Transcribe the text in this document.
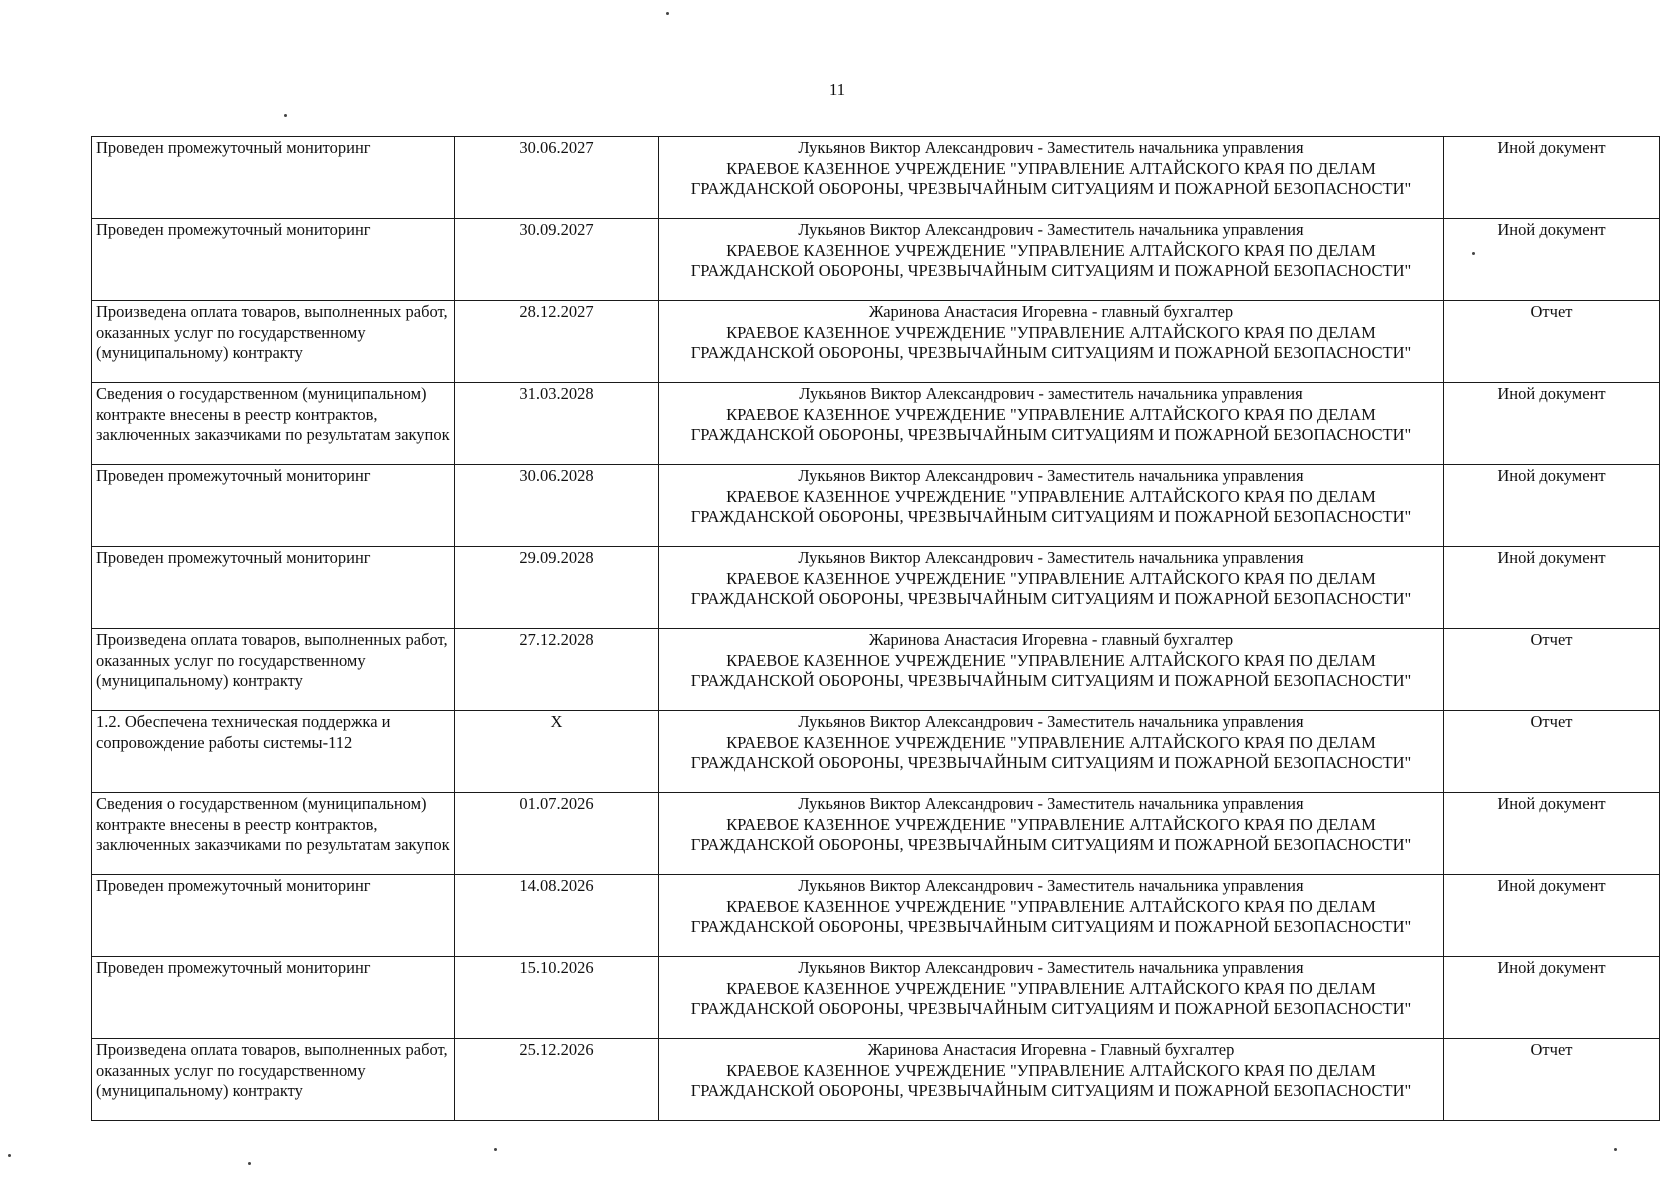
11
Проведен промежуточный мониторинг	30.06.2027	Лукьянов Виктор Александрович - Заместитель начальника управления
КРАЕВОЕ КАЗЕННОЕ УЧРЕЖДЕНИЕ "УПРАВЛЕНИЕ АЛТАЙСКОГО КРАЯ ПО ДЕЛАМ ГРАЖДАНСКОЙ ОБОРОНЫ, ЧРЕЗВЫЧАЙНЫМ СИТУАЦИЯМ И ПОЖАРНОЙ БЕЗОПАСНОСТИ"	Иной документ
Проведен промежуточный мониторинг	30.09.2027	Лукьянов Виктор Александрович - Заместитель начальника управления
КРАЕВОЕ КАЗЕННОЕ УЧРЕЖДЕНИЕ "УПРАВЛЕНИЕ АЛТАЙСКОГО КРАЯ ПО ДЕЛАМ ГРАЖДАНСКОЙ ОБОРОНЫ, ЧРЕЗВЫЧАЙНЫМ СИТУАЦИЯМ И ПОЖАРНОЙ БЕЗОПАСНОСТИ"	Иной документ
Произведена оплата товаров, выполненных работ, оказанных услуг по государственному (муниципальному) контракту	28.12.2027	Жаринова Анастасия Игоревна - главный бухгалтер
КРАЕВОЕ КАЗЕННОЕ УЧРЕЖДЕНИЕ "УПРАВЛЕНИЕ АЛТАЙСКОГО КРАЯ ПО ДЕЛАМ ГРАЖДАНСКОЙ ОБОРОНЫ, ЧРЕЗВЫЧАЙНЫМ СИТУАЦИЯМ И ПОЖАРНОЙ БЕЗОПАСНОСТИ"	Отчет
Сведения о государственном (муниципальном) контракте внесены в реестр контрактов, заключенных заказчиками по результатам закупок	31.03.2028	Лукьянов Виктор Александрович - заместитель начальника управления
КРАЕВОЕ КАЗЕННОЕ УЧРЕЖДЕНИЕ "УПРАВЛЕНИЕ АЛТАЙСКОГО КРАЯ ПО ДЕЛАМ ГРАЖДАНСКОЙ ОБОРОНЫ, ЧРЕЗВЫЧАЙНЫМ СИТУАЦИЯМ И ПОЖАРНОЙ БЕЗОПАСНОСТИ"	Иной документ
Проведен промежуточный мониторинг	30.06.2028	Лукьянов Виктор Александрович - Заместитель начальника управления
КРАЕВОЕ КАЗЕННОЕ УЧРЕЖДЕНИЕ "УПРАВЛЕНИЕ АЛТАЙСКОГО КРАЯ ПО ДЕЛАМ ГРАЖДАНСКОЙ ОБОРОНЫ, ЧРЕЗВЫЧАЙНЫМ СИТУАЦИЯМ И ПОЖАРНОЙ БЕЗОПАСНОСТИ"	Иной документ
Проведен промежуточный мониторинг	29.09.2028	Лукьянов Виктор Александрович - Заместитель начальника управления
КРАЕВОЕ КАЗЕННОЕ УЧРЕЖДЕНИЕ "УПРАВЛЕНИЕ АЛТАЙСКОГО КРАЯ ПО ДЕЛАМ ГРАЖДАНСКОЙ ОБОРОНЫ, ЧРЕЗВЫЧАЙНЫМ СИТУАЦИЯМ И ПОЖАРНОЙ БЕЗОПАСНОСТИ"	Иной документ
Произведена оплата товаров, выполненных работ, оказанных услуг по государственному (муниципальному) контракту	27.12.2028	Жаринова Анастасия Игоревна - главный бухгалтер
КРАЕВОЕ КАЗЕННОЕ УЧРЕЖДЕНИЕ "УПРАВЛЕНИЕ АЛТАЙСКОГО КРАЯ ПО ДЕЛАМ ГРАЖДАНСКОЙ ОБОРОНЫ, ЧРЕЗВЫЧАЙНЫМ СИТУАЦИЯМ И ПОЖАРНОЙ БЕЗОПАСНОСТИ"	Отчет
1.2. Обеспечена техническая поддержка и сопровождение работы системы-112	X	Лукьянов Виктор Александрович - Заместитель начальника управления
КРАЕВОЕ КАЗЕННОЕ УЧРЕЖДЕНИЕ "УПРАВЛЕНИЕ АЛТАЙСКОГО КРАЯ ПО ДЕЛАМ ГРАЖДАНСКОЙ ОБОРОНЫ, ЧРЕЗВЫЧАЙНЫМ СИТУАЦИЯМ И ПОЖАРНОЙ БЕЗОПАСНОСТИ"	Отчет
Сведения о государственном (муниципальном) контракте внесены в реестр контрактов, заключенных заказчиками по результатам закупок	01.07.2026	Лукьянов Виктор Александрович - Заместитель начальника управления
КРАЕВОЕ КАЗЕННОЕ УЧРЕЖДЕНИЕ "УПРАВЛЕНИЕ АЛТАЙСКОГО КРАЯ ПО ДЕЛАМ ГРАЖДАНСКОЙ ОБОРОНЫ, ЧРЕЗВЫЧАЙНЫМ СИТУАЦИЯМ И ПОЖАРНОЙ БЕЗОПАСНОСТИ"	Иной документ
Проведен промежуточный мониторинг	14.08.2026	Лукьянов Виктор Александрович - Заместитель начальника управления
КРАЕВОЕ КАЗЕННОЕ УЧРЕЖДЕНИЕ "УПРАВЛЕНИЕ АЛТАЙСКОГО КРАЯ ПО ДЕЛАМ ГРАЖДАНСКОЙ ОБОРОНЫ, ЧРЕЗВЫЧАЙНЫМ СИТУАЦИЯМ И ПОЖАРНОЙ БЕЗОПАСНОСТИ"	Иной документ
Проведен промежуточный мониторинг	15.10.2026	Лукьянов Виктор Александрович - Заместитель начальника управления
КРАЕВОЕ КАЗЕННОЕ УЧРЕЖДЕНИЕ "УПРАВЛЕНИЕ АЛТАЙСКОГО КРАЯ ПО ДЕЛАМ ГРАЖДАНСКОЙ ОБОРОНЫ, ЧРЕЗВЫЧАЙНЫМ СИТУАЦИЯМ И ПОЖАРНОЙ БЕЗОПАСНОСТИ"	Иной документ
Произведена оплата товаров, выполненных работ, оказанных услуг по государственному (муниципальному) контракту	25.12.2026	Жаринова Анастасия Игоревна - Главный бухгалтер
КРАЕВОЕ КАЗЕННОЕ УЧРЕЖДЕНИЕ "УПРАВЛЕНИЕ АЛТАЙСКОГО КРАЯ ПО ДЕЛАМ ГРАЖДАНСКОЙ ОБОРОНЫ, ЧРЕЗВЫЧАЙНЫМ СИТУАЦИЯМ И ПОЖАРНОЙ БЕЗОПАСНОСТИ"	Отчет
